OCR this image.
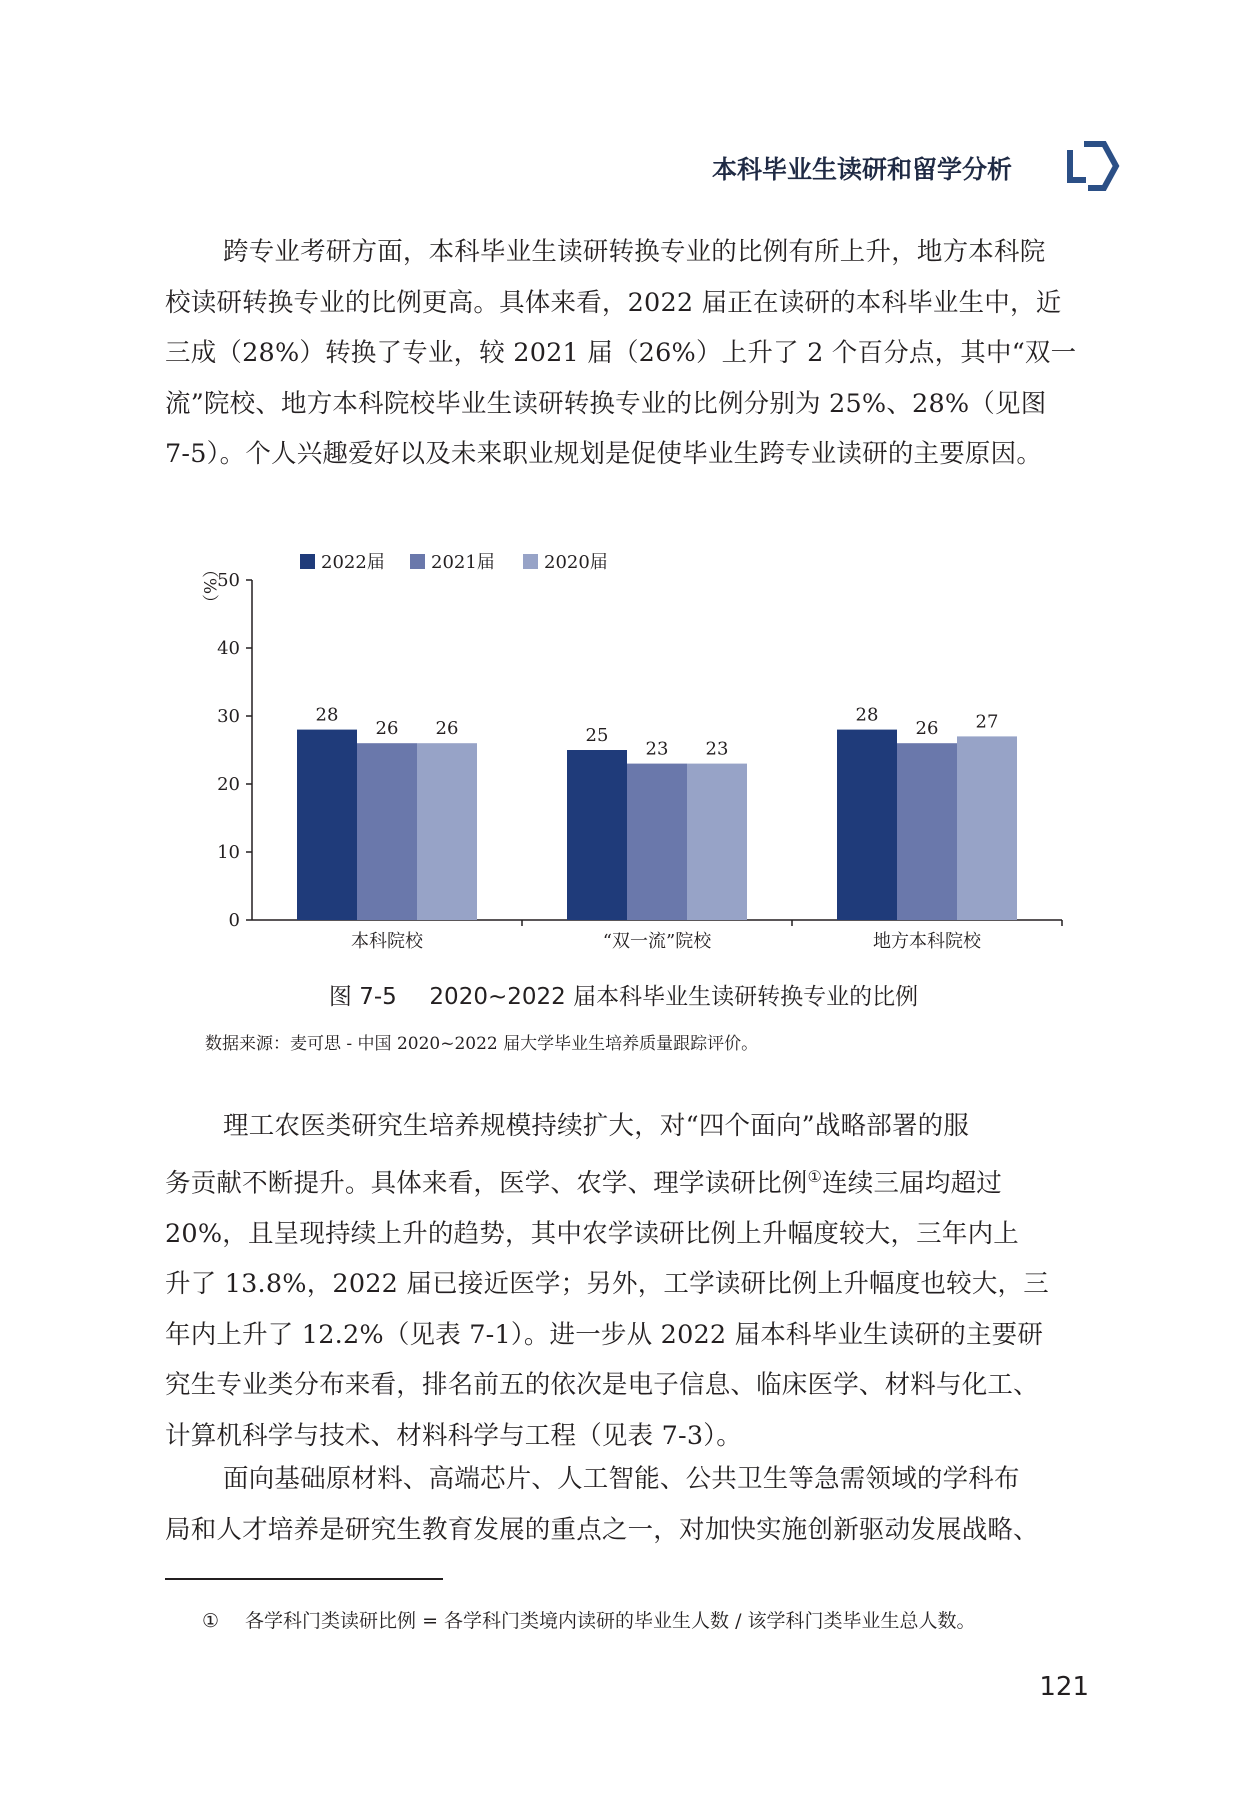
本科毕业生读研和留学分析
跨专业考研方面，本科毕业生读研转换专业的比例有所上升，地方本科院
校读研转换专业的比例更高。具体来看，2022 届正在读研的本科毕业生中，近
三成（28%）转换了专业，较 2021 届（26%）上升了 2 个百分点，其中“双一
流”院校、地方本科院校毕业生读研转换专业的比例分别为 25%、28%（见图
7-5）。个人兴趣爱好以及未来职业规划是促使毕业生跨专业读研的主要原因。
（%）
0
10
20
30
40
50
28
26 26
本科院校
25
23 23
“双一流”院校
28
26 27
地方本科院校
2022届	2021届	2020届
图 7-5 2020~2022 届本科毕业生读研转换专业的比例
数据来源：麦可思 - 中国 2020~2022 届大学毕业生培养质量跟踪评价。
理工农医类研究生培养规模持续扩大，对“四个面向”战略部署的服
务贡献不断提升。具体来看，医学、农学、理学读研比例①连续三届均超过
20%，且呈现持续上升的趋势，其中农学读研比例上升幅度较大，三年内上
升了 13.8%，2022 届已接近医学；另外，工学读研比例上升幅度也较大，三
年内上升了 12.2%（见表 7-1）。进一步从 2022 届本科毕业生读研的主要研
究生专业类分布来看，排名前五的依次是电子信息、临床医学、材料与化工、
计算机科学与技术、材料科学与工程（见表 7-3）。
面向基础原材料、高端芯片、人工智能、公共卫生等急需领域的学科布
局和人才培养是研究生教育发展的重点之一，对加快实施创新驱动发展战略、
① 各学科门类读研比例 = 各学科门类境内读研的毕业生人数 / 该学科门类毕业生总人数。
121
